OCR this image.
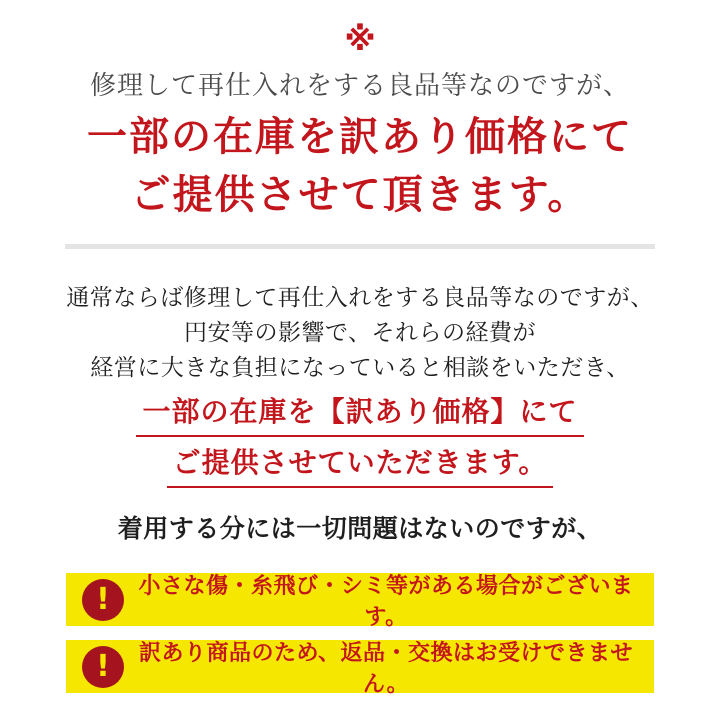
※
修理して再仕入れをする良品等なのですが、
一部の在庫を訳あり価格にて
ご提供させて頂きます。
通常ならば修理して再仕入れをする良品等なのですが、
円安等の影響で、それらの経費が
経営に大きな負担になっていると相談をいただき、
一部の在庫を【訳あり価格】にて
ご提供させていただきます。
着用する分には一切問題はないのですが、
!	小さな傷・糸飛び・シミ等がある場合がございます。
!	訳あり商品のため、返品・交換はお受けできません。
